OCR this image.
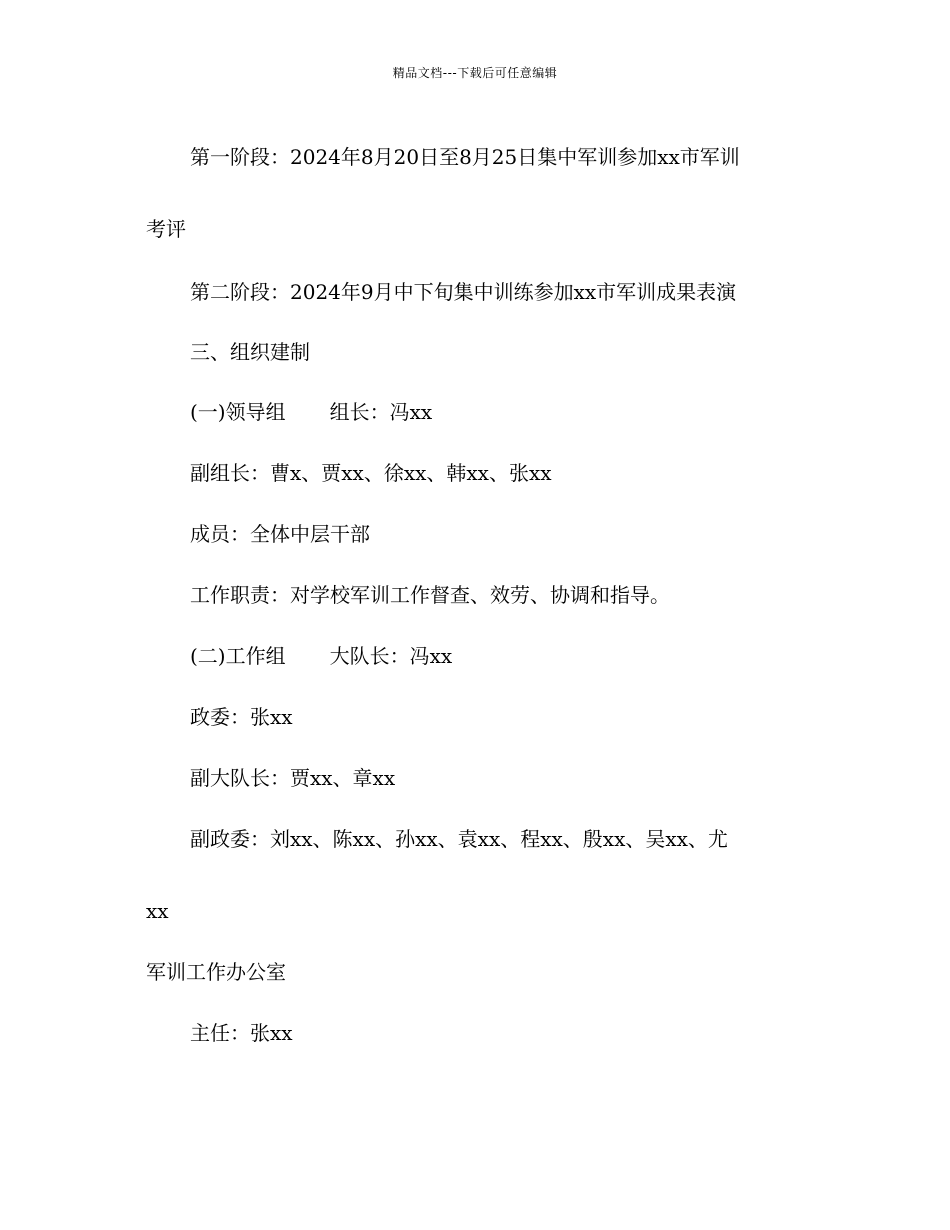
精品文档---下载后可任意编辑
第一阶段：2024年8月20日至8月25日集中军训参加xx市军训
考评
第二阶段：2024年9月中下旬集中训练参加xx市军训成果表演
三、组织建制
(一)领导组 组长：冯xx
副组长：曹x、贾xx、徐xx、韩xx、张xx
成员：全体中层干部
工作职责：对学校军训工作督查、效劳、协调和指导。
(二)工作组 大队长：冯xx
政委：张xx
副大队长：贾xx、章xx
副政委：刘xx、陈xx、孙xx、袁xx、程xx、殷xx、吴xx、尤
xx
军训工作办公室
主任：张xx
